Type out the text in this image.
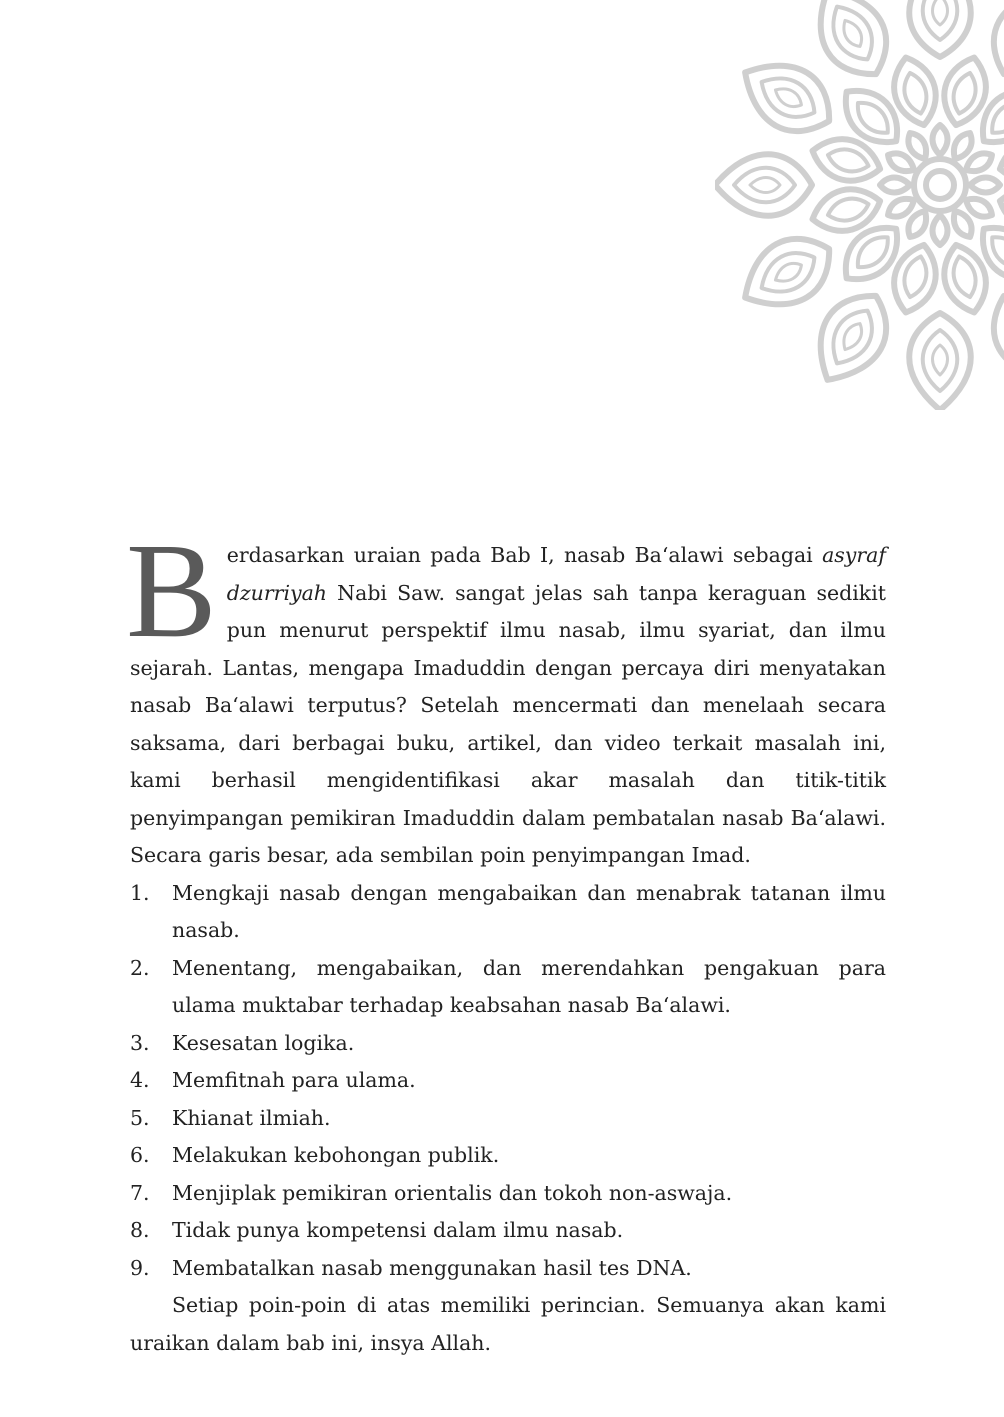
Berdasarkan uraian pada Bab I, nasab Ba‘alawi sebagai asyraf dzurriyah Nabi Saw. sangat jelas sah tanpa keraguan sedikit pun menurut perspektif ilmu nasab, ilmu syariat, dan ilmu sejarah. Lantas, mengapa Imaduddin dengan percaya diri menyatakan nasab Ba‘alawi terputus? Setelah mencermati dan menelaah secara saksama, dari berbagai buku, artikel, dan video terkait masalah ini, kami berhasil mengidentifikasi akar masalah dan titik-titik penyimpangan pemikiran Imaduddin dalam pembatalan nasab Ba‘alawi. Secara garis besar, ada sembilan poin penyimpangan Imad.

1.	Mengkaji nasab dengan mengabaikan dan menabrak tatanan ilmu nasab.
2.	Menentang, mengabaikan, dan merendahkan pengakuan para ulama muktabar terhadap keabsahan nasab Ba‘alawi.
3.	Kesesatan logika.
4.	Memfitnah para ulama.
5.	Khianat ilmiah.
6.	Melakukan kebohongan publik.
7.	Menjiplak pemikiran orientalis dan tokoh non-aswaja.
8.	Tidak punya kompetensi dalam ilmu nasab.
9.	Membatalkan nasab menggunakan hasil tes DNA.

Setiap poin-poin di atas memiliki perincian. Semuanya akan kami uraikan dalam bab ini, insya Allah.
